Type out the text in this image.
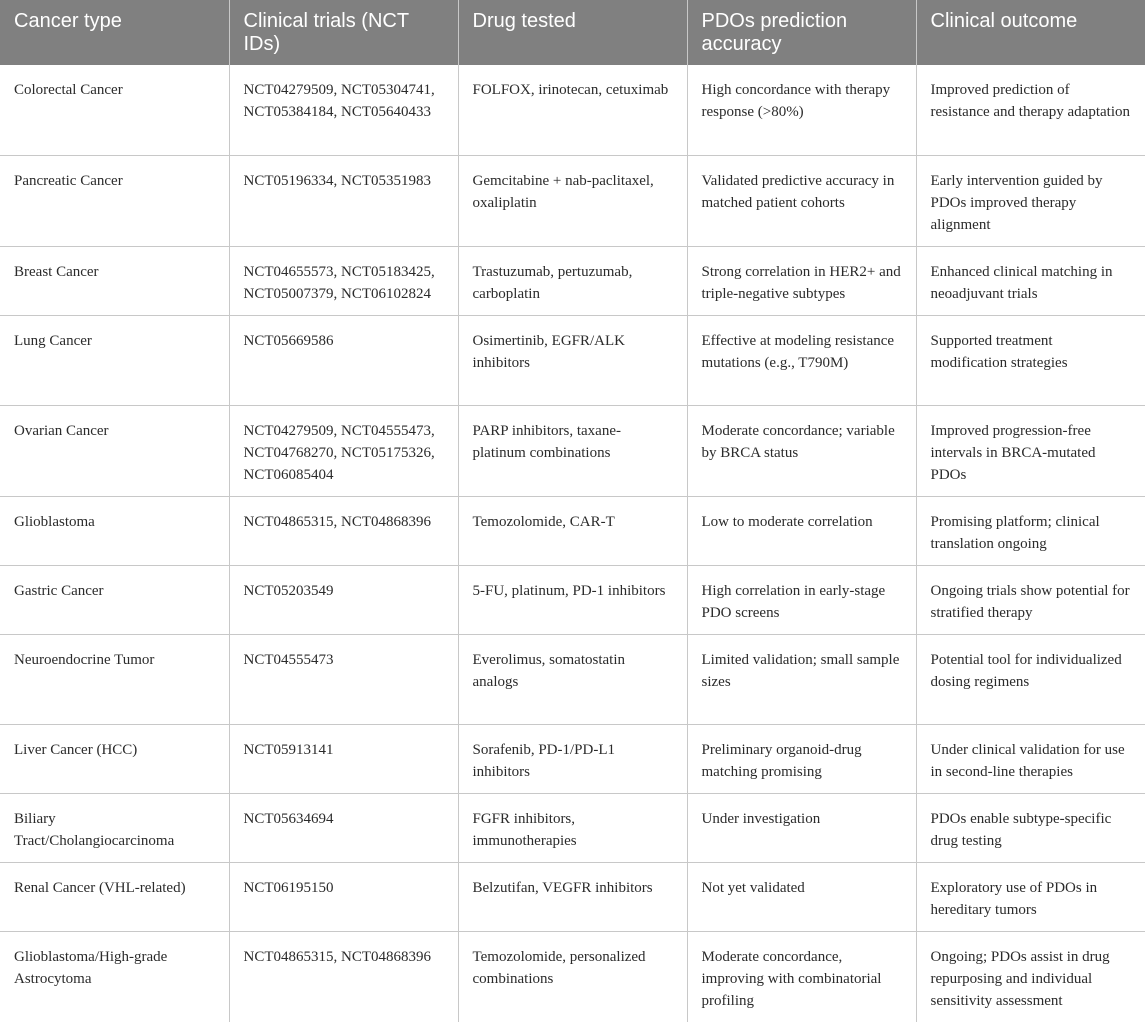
Cancer type	Clinical trials (NCT IDs)	Drug tested	PDOs prediction accuracy	Clinical outcome
Colorectal Cancer	NCT04279509, NCT05304741, NCT05384184, NCT05640433	FOLFOX, irinotecan, cetuximab	High concordance with therapy response (>80%)	Improved prediction of resistance and therapy adaptation
Pancreatic Cancer	NCT05196334, NCT05351983	Gemcitabine + nab-paclitaxel, oxaliplatin	Validated predictive accuracy in matched patient cohorts	Early intervention guided by PDOs improved therapy alignment
Breast Cancer	NCT04655573, NCT05183425, NCT05007379, NCT06102824	Trastuzumab, pertuzumab, carboplatin	Strong correlation in HER2+ and triple-negative subtypes	Enhanced clinical matching in neoadjuvant trials
Lung Cancer	NCT05669586	Osimertinib, EGFR/ALK inhibitors	Effective at modeling resistance mutations (e.g., T790M)	Supported treatment modification strategies
Ovarian Cancer	NCT04279509, NCT04555473, NCT04768270, NCT05175326, NCT06085404	PARP inhibitors, taxane-platinum combinations	Moderate concordance; variable by BRCA status	Improved progression-free intervals in BRCA-mutated PDOs
Glioblastoma	NCT04865315, NCT04868396	Temozolomide, CAR-T	Low to moderate correlation	Promising platform; clinical translation ongoing
Gastric Cancer	NCT05203549	5-FU, platinum, PD-1 inhibitors	High correlation in early-stage PDO screens	Ongoing trials show potential for stratified therapy
Neuroendocrine Tumor	NCT04555473	Everolimus, somatostatin analogs	Limited validation; small sample sizes	Potential tool for individualized dosing regimens
Liver Cancer (HCC)	NCT05913141	Sorafenib, PD-1/PD-L1 inhibitors	Preliminary organoid-drug matching promising	Under clinical validation for use in second-line therapies
Biliary Tract/Cholangiocarcinoma	NCT05634694	FGFR inhibitors, immunotherapies	Under investigation	PDOs enable subtype-specific drug testing
Renal Cancer (VHL-related)	NCT06195150	Belzutifan, VEGFR inhibitors	Not yet validated	Exploratory use of PDOs in hereditary tumors
Glioblastoma/High-grade Astrocytoma	NCT04865315, NCT04868396	Temozolomide, personalized combinations	Moderate concordance, improving with combinatorial profiling	Ongoing; PDOs assist in drug repurposing and individual sensitivity assessment
